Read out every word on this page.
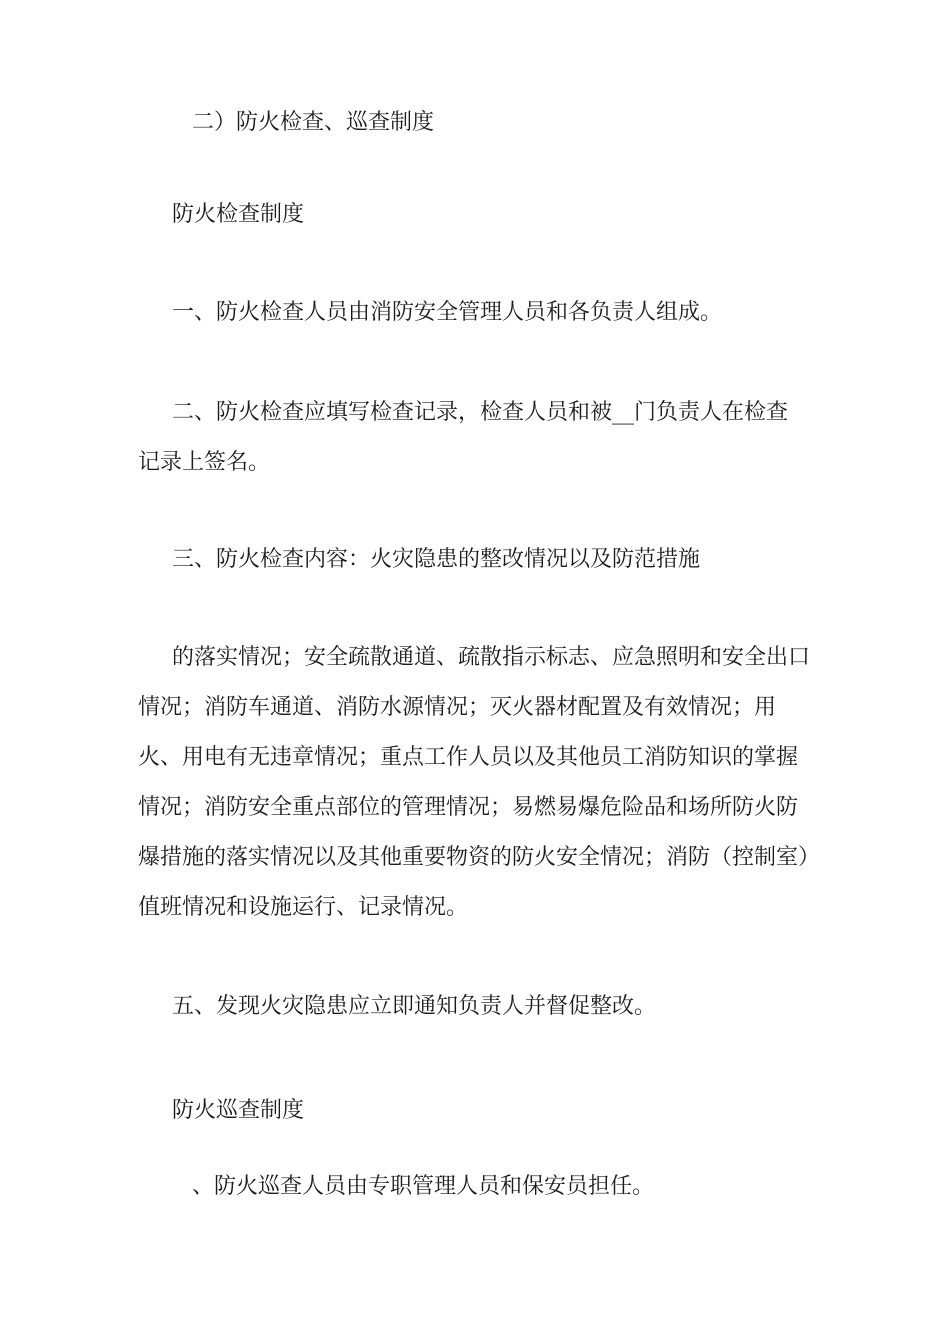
二）防火检查、巡查制度

防火检查制度

一、防火检查人员由消防安全管理人员和各负责人组成。

二、防火检查应填写检查记录，检查人员和被__门负责人在检查

记录上签名。

三、防火检查内容：火灾隐患的整改情况以及防范措施

的落实情况；安全疏散通道、疏散指示标志、应急照明和安全出口情况；消防车通道、消防水源情况；灭火器材配置及有效情况；用火、用电有无违章情况；重点工作人员以及其他员工消防知识的掌握情况；消防安全重点部位的管理情况；易燃易爆危险品和场所防火防爆措施的落实情况以及其他重要物资的防火安全情况；消防（控制室）值班情况和设施运行、记录情况。

五、发现火灾隐患应立即通知负责人并督促整改。

防火巡查制度

、防火巡查人员由专职管理人员和保安员担任。
